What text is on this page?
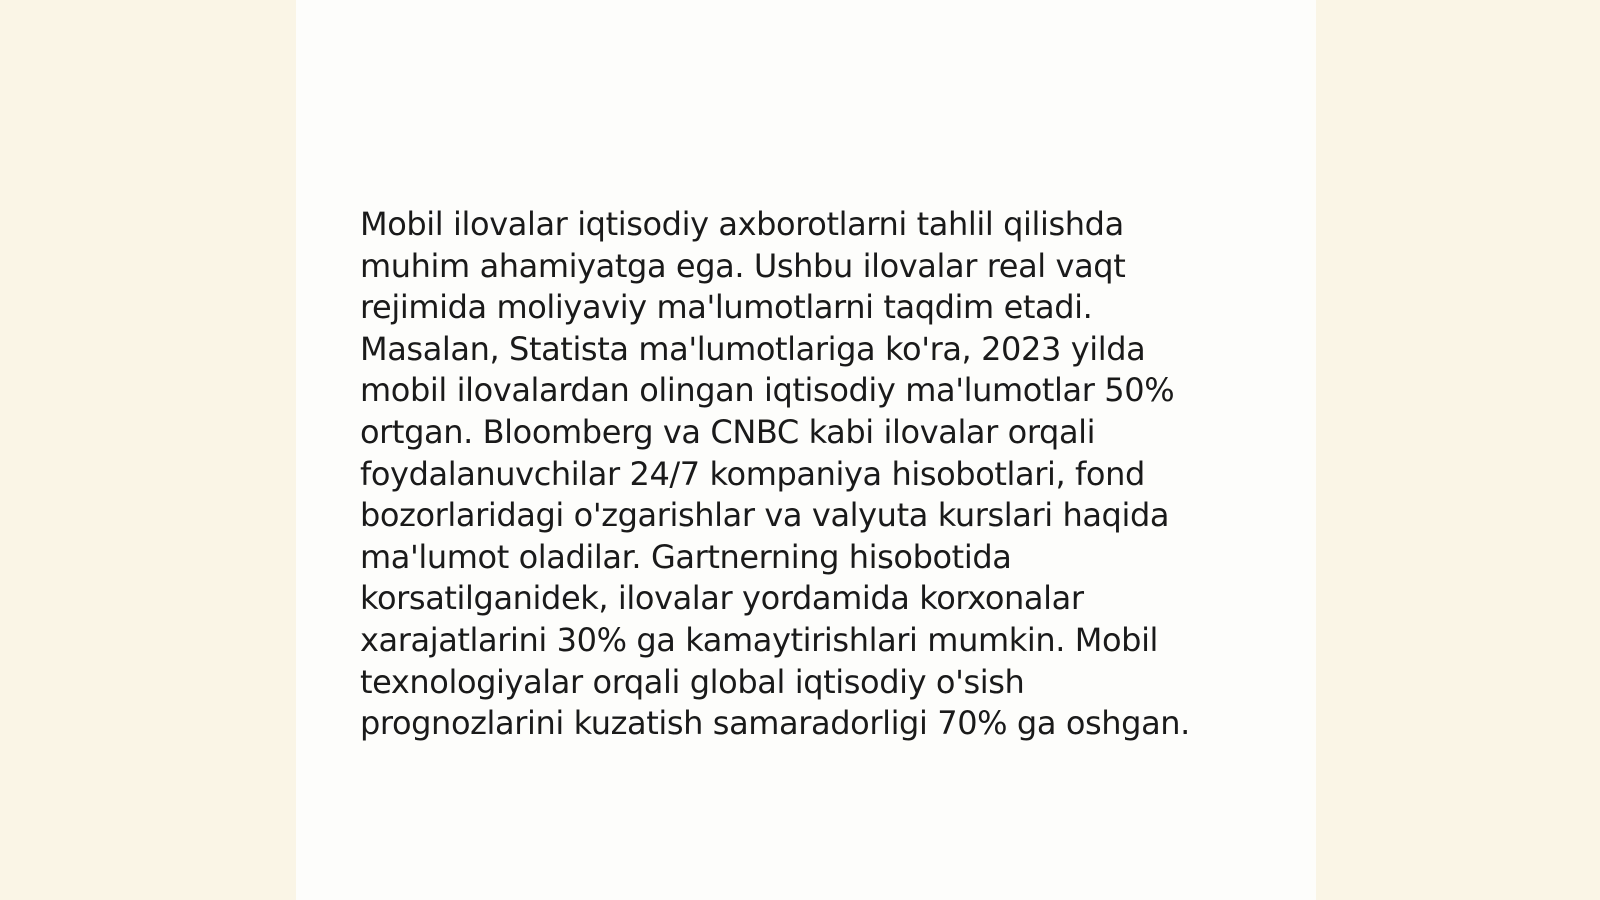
Mobil ilovalar iqtisodiy axborotlarni tahlil qilishda
muhim ahamiyatga ega. Ushbu ilovalar real vaqt
rejimida moliyaviy ma'lumotlarni taqdim etadi.
Masalan, Statista ma'lumotlariga ko'ra, 2023 yilda
mobil ilovalardan olingan iqtisodiy ma'lumotlar 50%
ortgan. Bloomberg va CNBC kabi ilovalar orqali
foydalanuvchilar 24/7 kompaniya hisobotlari, fond
bozorlaridagi o'zgarishlar va valyuta kurslari haqida
ma'lumot oladilar. Gartnerning hisobotida
korsatilganidek, ilovalar yordamida korxonalar
xarajatlarini 30% ga kamaytirishlari mumkin. Mobil
texnologiyalar orqali global iqtisodiy o'sish
prognozlarini kuzatish samaradorligi 70% ga oshgan.
